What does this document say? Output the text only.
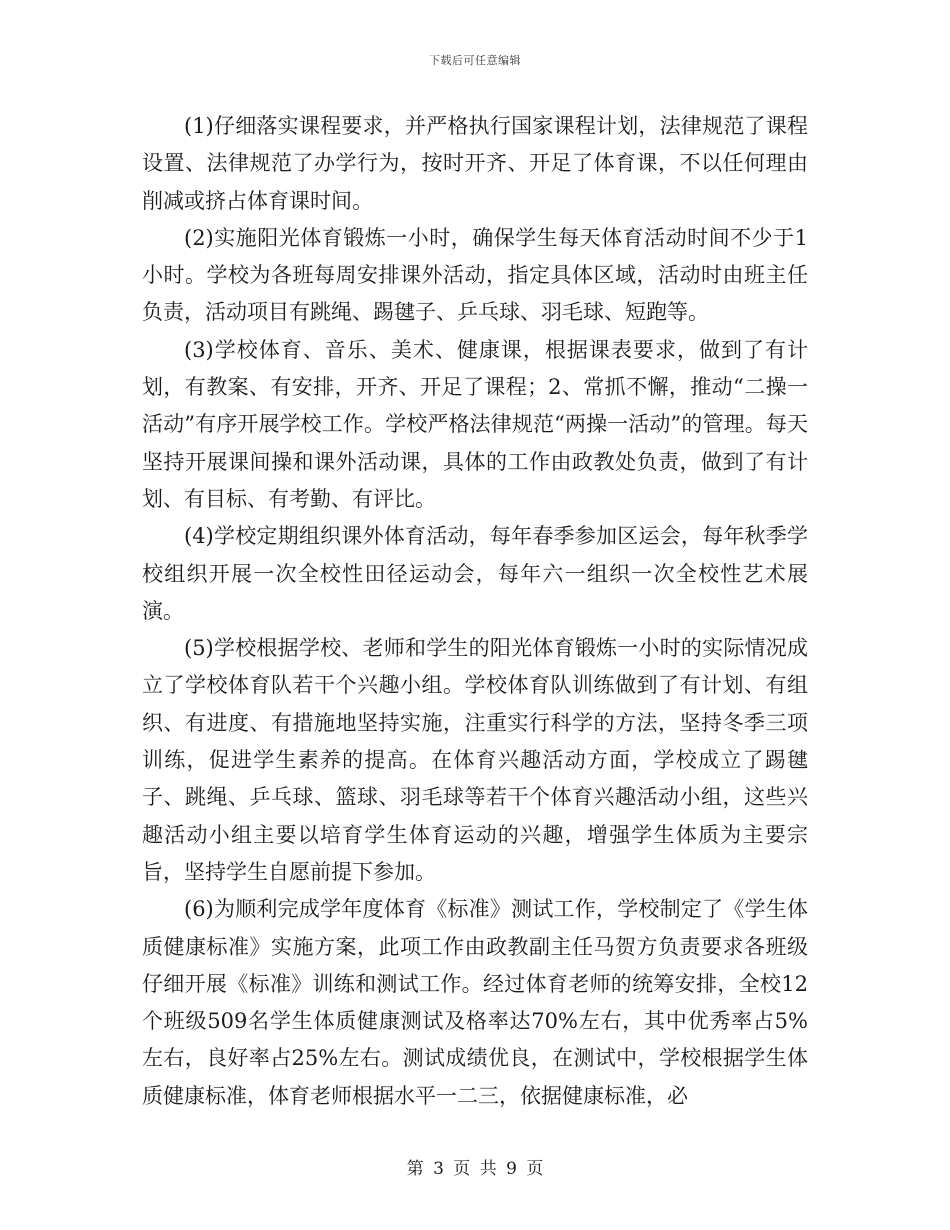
下载后可任意编辑

(1)仔细落实课程要求，并严格执行国家课程计划，法律规范了课程设置、法律规范了办学行为，按时开齐、开足了体育课，不以任何理由削减或挤占体育课时间。

(2)实施阳光体育锻炼一小时，确保学生每天体育活动时间不少于1小时。学校为各班每周安排课外活动，指定具体区域，活动时由班主任负责，活动项目有跳绳、踢毽子、乒乓球、羽毛球、短跑等。

(3)学校体育、音乐、美术、健康课，根据课表要求，做到了有计划，有教案、有安排，开齐、开足了课程；2、常抓不懈，推动“二操一活动”有序开展学校工作。学校严格法律规范“两操一活动”的管理。每天坚持开展课间操和课外活动课，具体的工作由政教处负责，做到了有计划、有目标、有考勤、有评比。

(4)学校定期组织课外体育活动，每年春季参加区运会，每年秋季学校组织开展一次全校性田径运动会，每年六一组织一次全校性艺术展演。

(5)学校根据学校、老师和学生的阳光体育锻炼一小时的实际情况成立了学校体育队若干个兴趣小组。学校体育队训练做到了有计划、有组织、有进度、有措施地坚持实施，注重实行科学的方法，坚持冬季三项训练，促进学生素养的提高。在体育兴趣活动方面，学校成立了踢毽子、跳绳、乒乓球、篮球、羽毛球等若干个体育兴趣活动小组，这些兴趣活动小组主要以培育学生体育运动的兴趣，增强学生体质为主要宗旨，坚持学生自愿前提下参加。

(6)为顺利完成学年度体育《标准》测试工作，学校制定了《学生体质健康标准》实施方案，此项工作由政教副主任马贺方负责要求各班级仔细开展《标准》训练和测试工作。经过体育老师的统筹安排，全校12个班级509名学生体质健康测试及格率达70%左右，其中优秀率占5%左右，良好率占25%左右。测试成绩优良，在测试中，学校根据学生体质健康标准，体育老师根据水平一二三，依据健康标准，必

第 3 页 共 9 页
